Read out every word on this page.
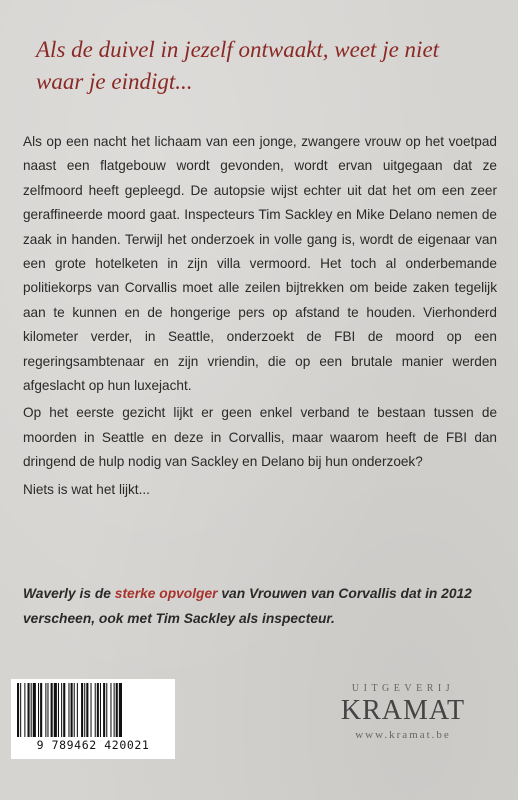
Als de duivel in jezelf ontwaakt, weet je niet
waar je eindigt...

Als op een nacht het lichaam van een jonge, zwangere vrouw op het voetpad naast een flatgebouw wordt gevonden, wordt ervan uitgegaan dat ze zelfmoord heeft gepleegd. De autopsie wijst echter uit dat het om een zeer geraffineerde moord gaat. Inspecteurs Tim Sackley en Mike Delano nemen de zaak in handen. Terwijl het onderzoek in volle gang is, wordt de eigenaar van een grote hotelketen in zijn villa vermoord. Het toch al onderbemande politiekorps van Corvallis moet alle zeilen bijtrekken om beide zaken tegelijk aan te kunnen en de hongerige pers op afstand te houden. Vierhonderd kilometer verder, in Seattle, onderzoekt de FBI de moord op een regeringsambtenaar en zijn vriendin, die op een brutale manier werden afgeslacht op hun luxejacht.

Op het eerste gezicht lijkt er geen enkel verband te bestaan tussen de moorden in Seattle en deze in Corvallis, maar waarom heeft de FBI dan dringend de hulp nodig van Sackley en Delano bij hun onderzoek?

Niets is wat het lijkt...

Waverly is de sterke opvolger van Vrouwen van Corvallis dat in 2012 verscheen, ook met Tim Sackley als inspecteur.
9 789462 420021
UITGEVERIJ
KRAMAT
www.kramat.be
